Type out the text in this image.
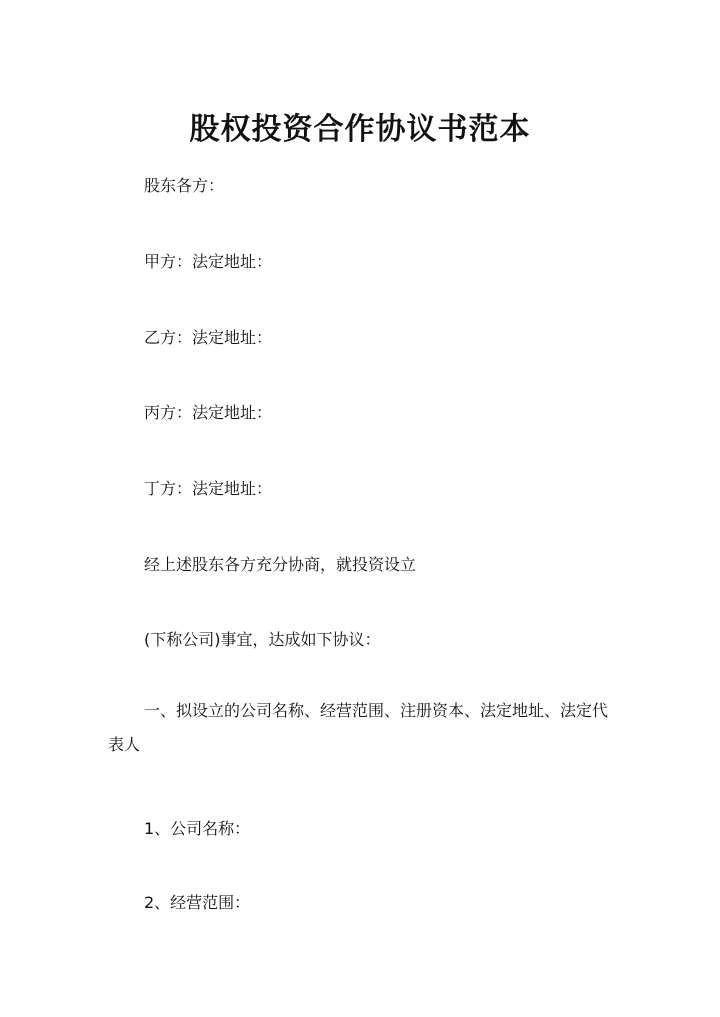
股权投资合作协议书范本
股东各方：
甲方：法定地址：
乙方：法定地址：
丙方：法定地址：
丁方：法定地址：
经上述股东各方充分协商，就投资设立
(下称公司)事宜，达成如下协议：
一、拟设立的公司名称、经营范围、注册资本、法定地址、法定代表人
1、公司名称：
2、经营范围：
